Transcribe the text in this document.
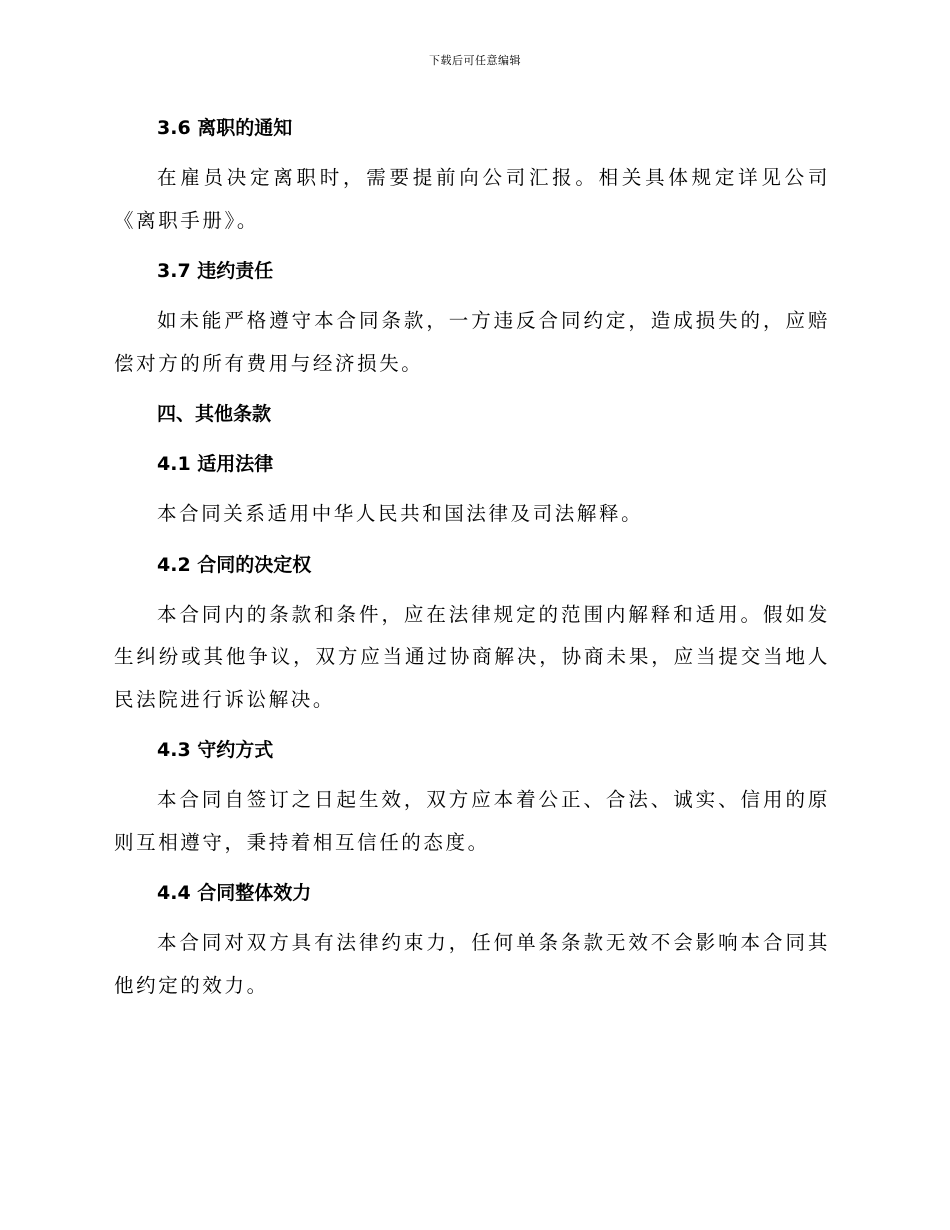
下载后可任意编辑
3.6 离职的通知

在雇员决定离职时，需要提前向公司汇报。相关具体规定详见公司《离职手册》。

3.7 违约责任

如未能严格遵守本合同条款，一方违反合同约定，造成损失的，应赔偿对方的所有费用与经济损失。

四、其他条款
4.1 适用法律

本合同关系适用中华人民共和国法律及司法解释。

4.2 合同的决定权

本合同内的条款和条件，应在法律规定的范围内解释和适用。假如发生纠纷或其他争议，双方应当通过协商解决，协商未果，应当提交当地人民法院进行诉讼解决。

4.3 守约方式

本合同自签订之日起生效，双方应本着公正、合法、诚实、信用的原则互相遵守，秉持着相互信任的态度。

4.4 合同整体效力

本合同对双方具有法律约束力，任何单条条款无效不会影响本合同其他约定的效力。
